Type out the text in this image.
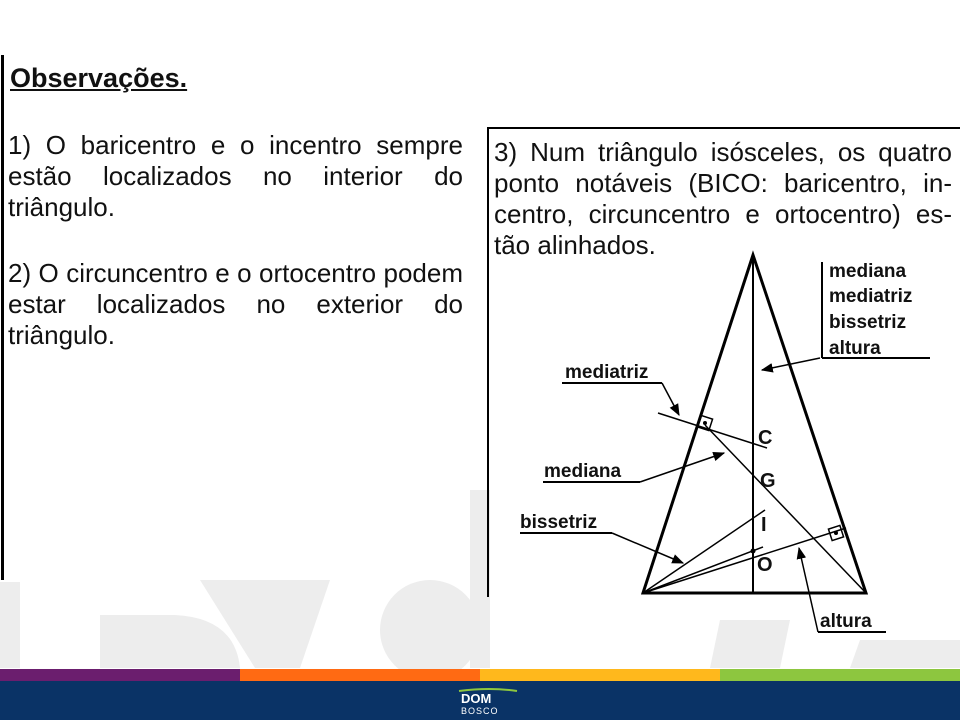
Observações.

1) O baricentro e o incentro sempre estão localizados no interior do triângulo.

2) O circuncentro e o ortocentro podem estar localizados no exterior do triângulo.

3) Num triângulo isósceles, os quatro ponto notáveis (BICO: baricentro, in-centro, circuncentro e ortocentro) es-tão alinhados.

mediana
mediatriz
bissetriz
altura
mediatriz
mediana
bissetriz
altura
C
G
I
O
DOM
BOSCO
